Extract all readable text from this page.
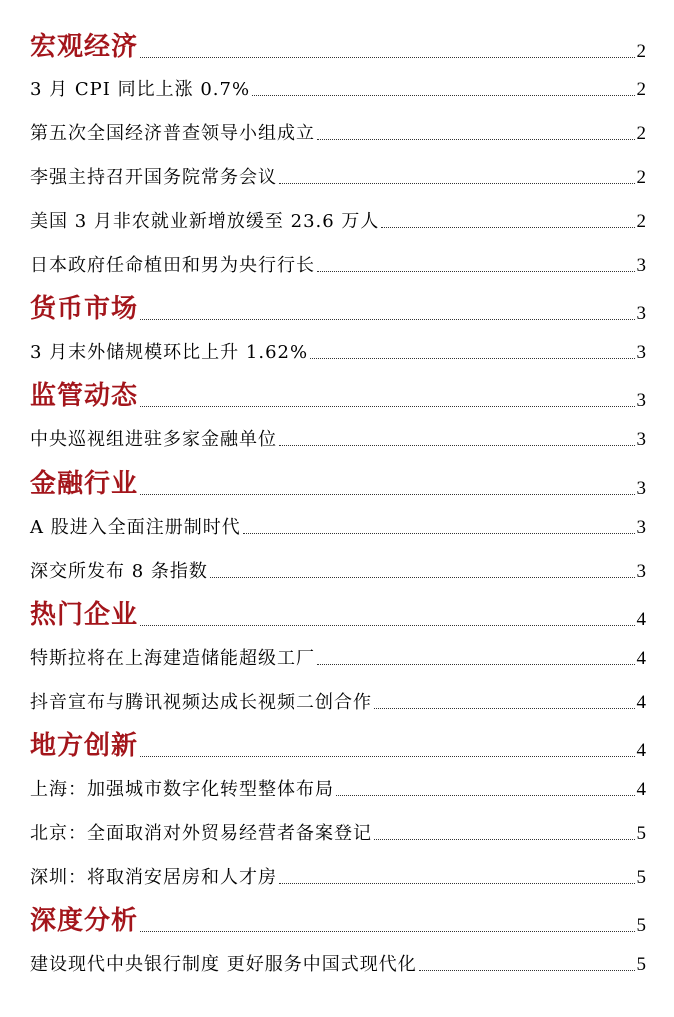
宏观经济	2
3 月 CPI 同比上涨 0.7%	2
第五次全国经济普查领导小组成立	2
李强主持召开国务院常务会议	2
美国 3 月非农就业新增放缓至 23.6 万人	2
日本政府任命植田和男为央行行长	3
货币市场	3
3 月末外储规模环比上升 1.62%	3
监管动态	3
中央巡视组进驻多家金融单位	3
金融行业	3
A 股进入全面注册制时代	3
深交所发布 8 条指数	3
热门企业	4
特斯拉将在上海建造储能超级工厂	4
抖音宣布与腾讯视频达成长视频二创合作	4
地方创新	4
上海：加强城市数字化转型整体布局	4
北京：全面取消对外贸易经营者备案登记	5
深圳：将取消安居房和人才房	5
深度分析	5
建设现代中央银行制度 更好服务中国式现代化	5
